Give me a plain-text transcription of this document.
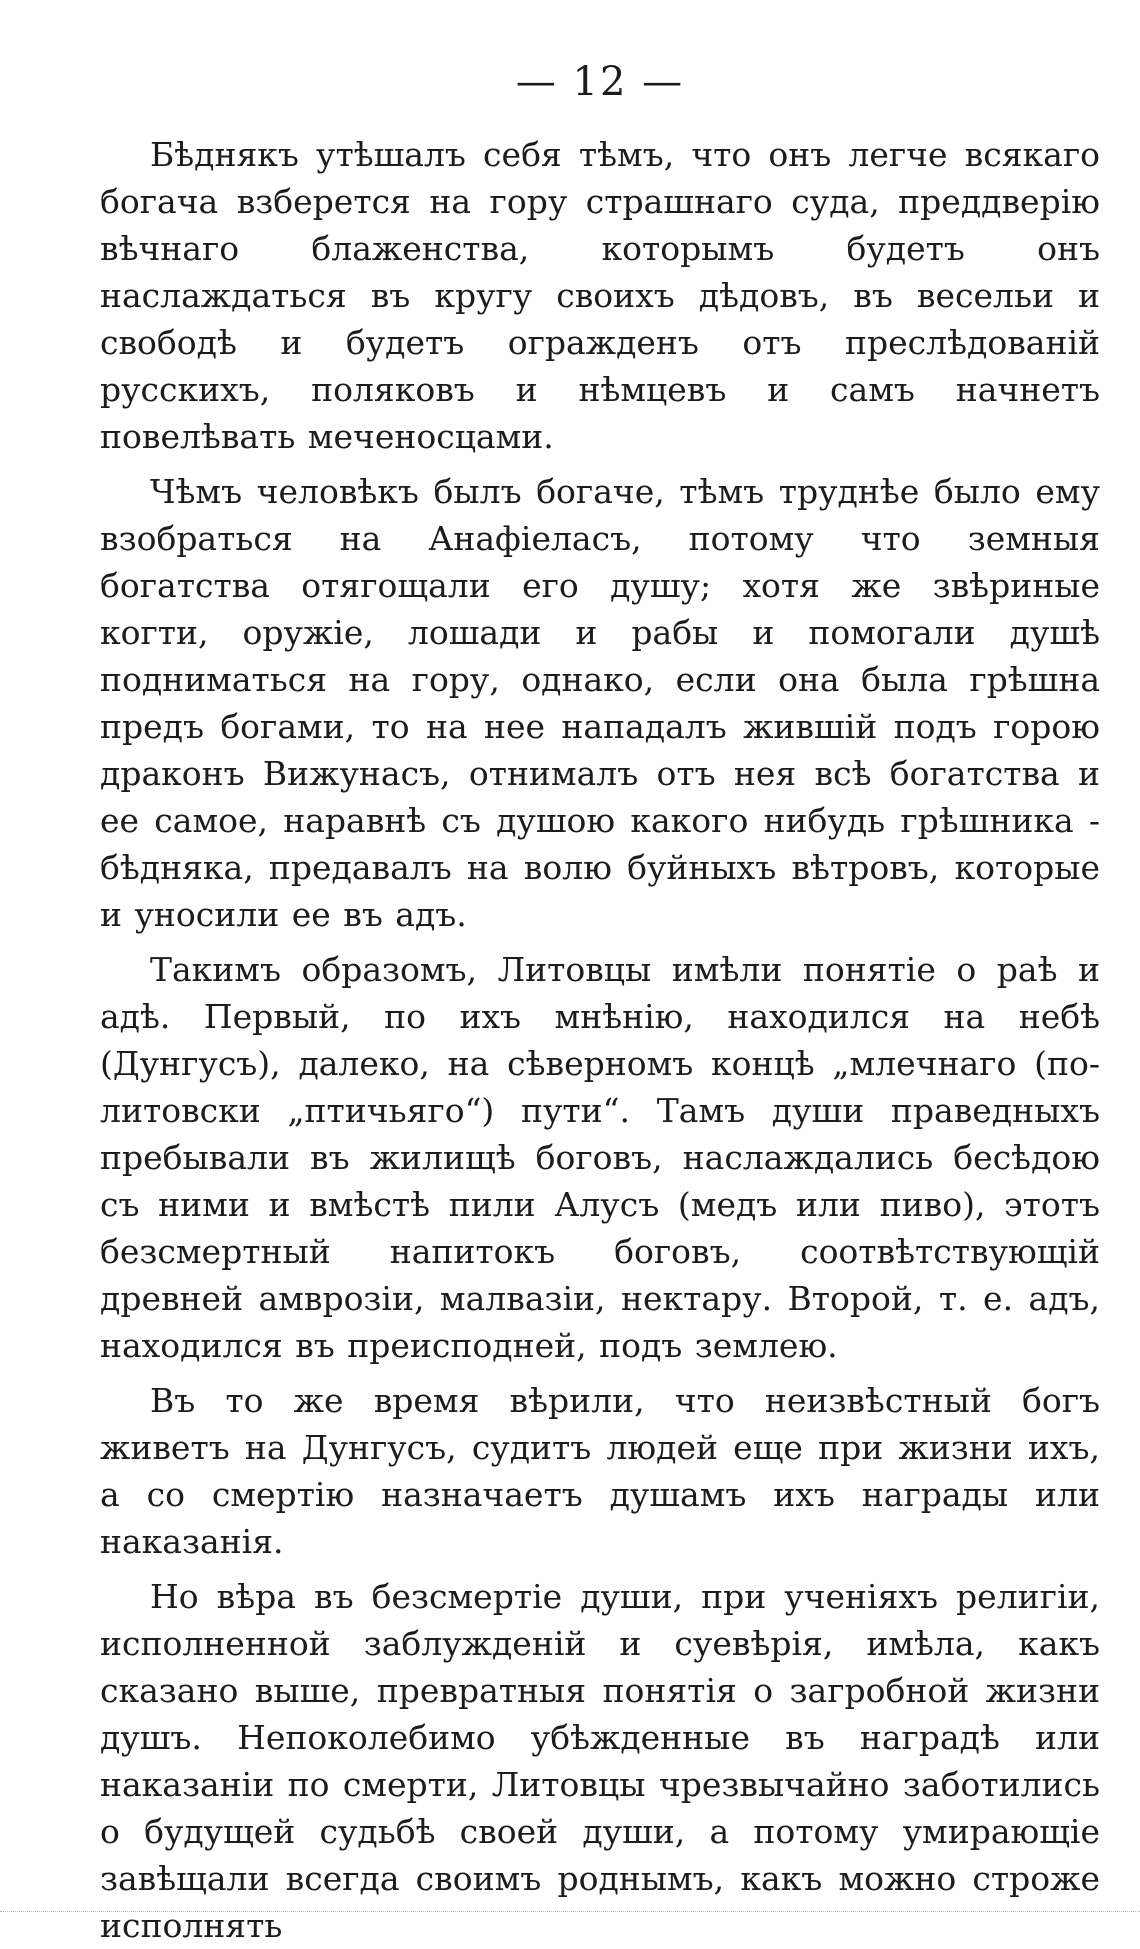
— 12 —

Бѣднякъ утѣшалъ себя тѣмъ, что онъ легче всякаго богача взберется на гору страшнаго суда, преддверію вѣчнаго блаженства, которымъ будетъ онъ наслаждаться въ кругу своихъ дѣдовъ, въ весельи и свободѣ и будетъ огражденъ отъ преслѣдованій русскихъ, поляковъ и нѣмцевъ и самъ начнетъ повелѣвать меченосцами.

Чѣмъ человѣкъ былъ богаче, тѣмъ труднѣе было ему взобраться на Анафіеласъ, потому что земныя богатства отягощали его душу; хотя же звѣриные когти, оружіе, лошади и рабы и помогали душѣ подниматься на гору, однако, если она была грѣшна предъ богами, то на нее нападалъ жившій подъ горою драконъ Вижунасъ, отнималъ отъ нея всѣ богатства и ее самое, наравнѣ съ душою какого нибудь грѣшника - бѣдняка, предавалъ на волю буйныхъ вѣтровъ, которые и уносили ее въ адъ.

Такимъ образомъ, Литовцы имѣли понятіе о раѣ и адѣ. Первый, по ихъ мнѣнію, находился на небѣ (Дунгусъ), далеко, на сѣверномъ концѣ „млечнаго (по-литовски „птичьяго“) пути“. Тамъ души праведныхъ пребывали въ жилищѣ боговъ, наслаждались бесѣдою съ ними и вмѣстѣ пили Алусъ (медъ или пиво), этотъ безсмертный напитокъ боговъ, соотвѣтствующій древней амврозіи, малвазіи, нектару. Второй, т. е. адъ, находился въ преисподней, подъ землею.

Въ то же время вѣрили, что неизвѣстный богъ живетъ на Дунгусъ, судитъ людей еще при жизни ихъ, а со смертію назначаетъ душамъ ихъ награды или наказанія.

Но вѣра въ безсмертіе души, при ученіяхъ религіи, исполненной заблужденій и суевѣрія, имѣла, какъ сказано выше, превратныя понятія о загробной жизни душъ. Непоколебимо убѣжденные въ наградѣ или наказаніи по смерти, Литовцы чрезвычайно заботились о будущей судьбѣ своей души, а потому умирающіе завѣщали всегда своимъ роднымъ, какъ можно строже исполнять
